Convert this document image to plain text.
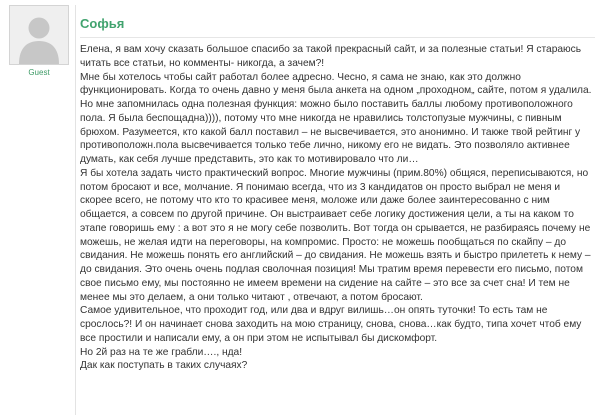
Guest
Софья

Елена, я вам хочу сказать большое спасибо за такой прекрасный сайт, и за полезные статьи! Я стараюсь читать все статьи, но комменты- никогда, а зачем?!

Мне бы хотелось чтобы сайт работал более адресно. Чесно, я сама не знаю, как это должно функционировать. Когда то очень давно у меня была анкета на одном „проходном„ сайте, потом я удалила. Но мне запомнилась одна полезная функция: можно было поставить баллы любому противоположного пола. Я была беспощадна)))), потому что мне никогда не нравились толстопузые мужчины, с пивным брюхом. Разумеется, кто какой балл поставил – не высвечивается, это анонимно. И также твой рейтинг у противоположн.пола высвечивается только тебе лично, никому его не видать. Это позволяло активнее думать, как себя лучше представить, это как то мотивировало что ли…

Я бы хотела задать чисто практический вопрос. Многие мужчины (прим.80%) общяся, переписываются, но потом бросают и все, молчание. Я понимаю всегда, что из 3 кандидатов он просто выбрал не меня и скорее всего, не потому что кто то красивее меня, моложе или даже более заинтересованно с ним общается, а совсем по другой причине. Он выстраивает себе логику достижения цели, а ты на каком то этапе говоришь ему : а вот это я не могу себе позволить. Вот тогда он срывается, не разбираясь почему не можешь, не желая идти на переговоры, на компромис. Просто: не можешь пообщаться по скайпу – до свидания. Не можешь понять его английский – до свидания. Не можешь взять и быстро прилететь к нему – до свидания. Это очень очень подлая сволочная позиция! Мы тратим время перевести его письмо, потом свое письмо ему, мы постоянно не имеем времени на сидение на сайте – это все за счет сна! И тем не менее мы это делаем, а они только читают , отвечают, а потом бросают.

Самое удивительное, что проходит год, или два и вдруг вилишь…он опять туточки! То есть там не срослось?! И он начинает снова заходить на мою страницу, снова, снова…как будто, типа хочет чтоб ему все простили и написали ему, а он при этом не испытывал бы дискомфорт.

Но 2й раз на те же грабли…., нда!

Дак как поступать в таких случаях?
